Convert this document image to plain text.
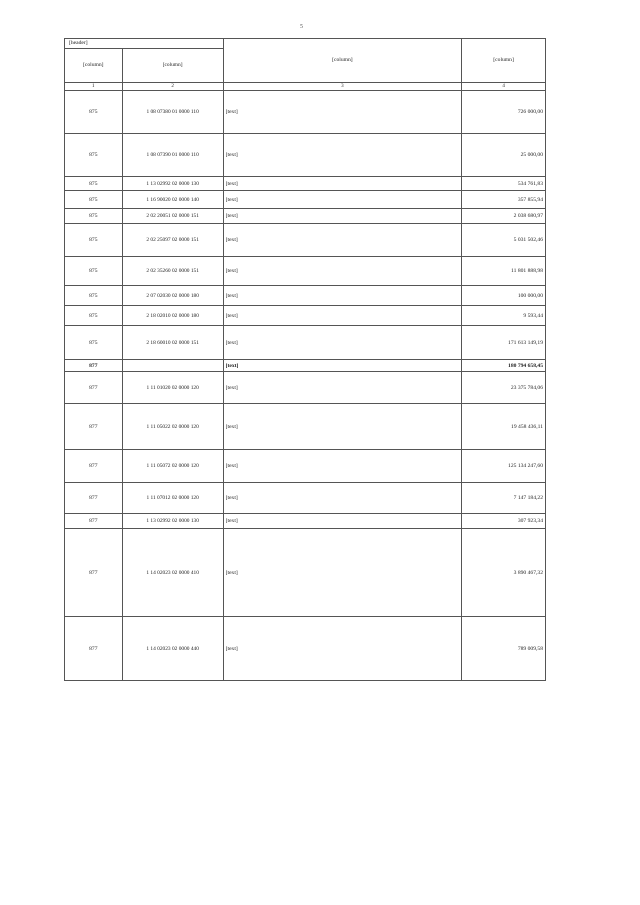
5
[header]		[column]	[column]
[column]	[column]		
1	2	3	4
875	1 08 07380 01 0000 110	[text]	726 000,00
875	1 08 07390 01 0000 110	[text]	25 000,00
875	1 13 02992 02 0000 130	[text]	534 761,83
875	1 16 90020 02 0000 140	[text]	357 855,94
875	2 02 20051 02 0000 151	[text]	2 038 680,97
875	2 02 25097 02 0000 151	[text]	5 031 502,46
875	2 02 35260 02 0000 151	[text]	11 801 888,98
875	2 07 02030 02 0000 180	[text]	100 000,00
875	2 18 02010 02 0000 180	[text]	9 593,44
875	2 18 60010 02 0000 151	[text]	171 613 149,19
877		[text]	180 794 658,45
877	1 11 01020 02 0000 120	[text]	23 375 784,06
877	1 11 05022 02 0000 120	[text]	19 458 436,11
877	1 11 05072 02 0000 120	[text]	125 134 247,60
877	1 11 07012 02 0000 120	[text]	7 147 184,22
877	1 13 02992 02 0000 130	[text]	307 923,34
877	1 14 02023 02 0000 410	[text]	3 890 467,32
877	1 14 02023 02 0000 440	[text]	789 009,58
